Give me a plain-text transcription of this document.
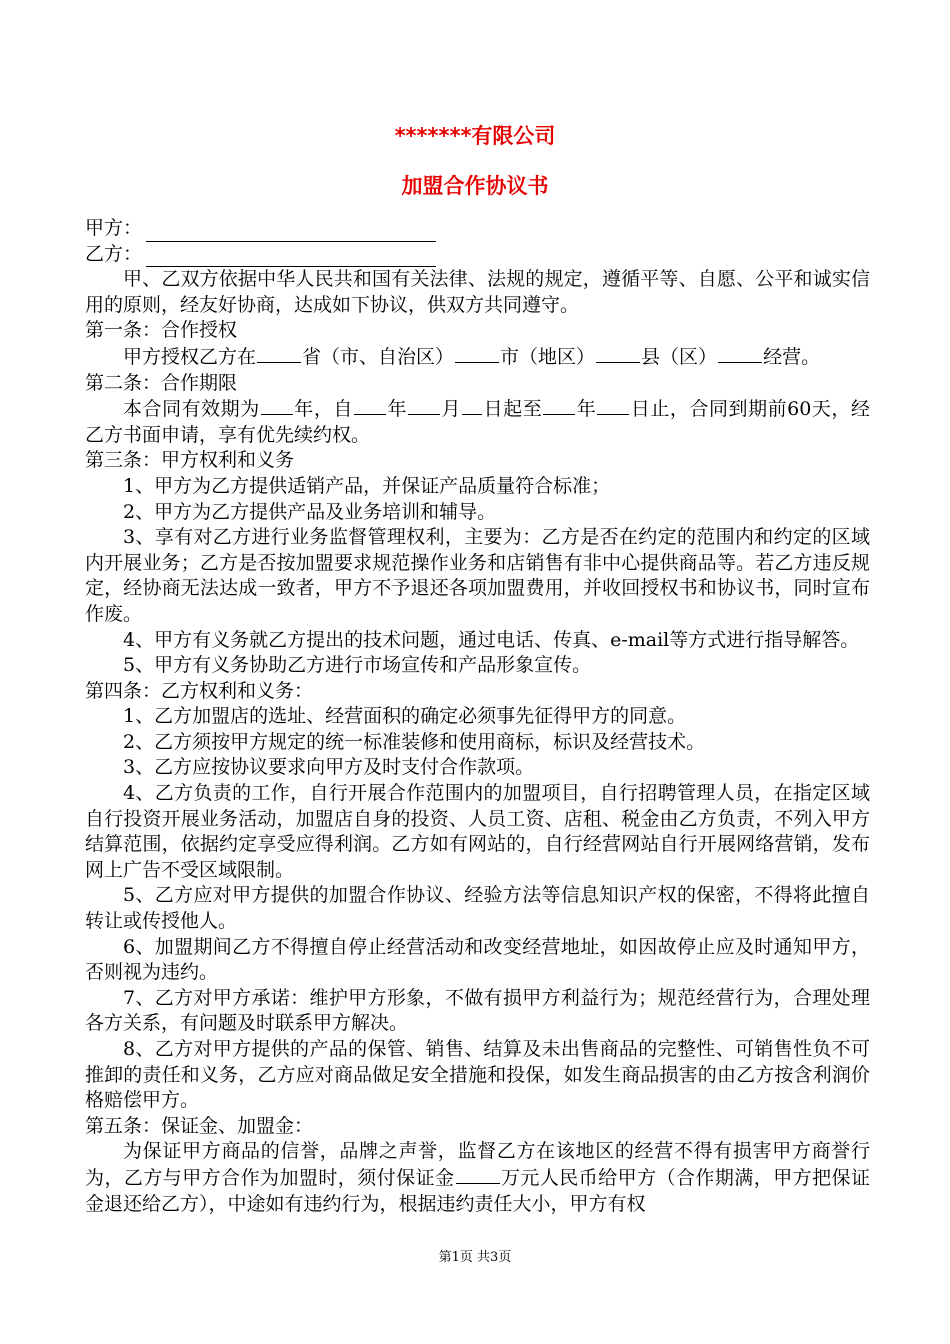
*******有限公司
加盟合作协议书
甲方：
乙方：

甲、乙双方依据中华人民共和国有关法律、法规的规定，遵循平等、自愿、公平和诚实信用的原则，经友好协商，达成如下协议，供双方共同遵守。

第一条：合作授权

甲方授权乙方在 省（市、自治区） 市（地区） 县（区） 经营。

第二条：合作期限

本合同有效期为 年，自 年 月 日起至 年 日止，合同到期前60天，经乙方书面申请，享有优先续约权。

第三条：甲方权利和义务

1、甲方为乙方提供适销产品，并保证产品质量符合标准；

2、甲方为乙方提供产品及业务培训和辅导。

3、享有对乙方进行业务监督管理权利，主要为：乙方是否在约定的范围内和约定的区域内开展业务；乙方是否按加盟要求规范操作业务和店销售有非中心提供商品等。若乙方违反规定，经协商无法达成一致者，甲方不予退还各项加盟费用，并收回授权书和协议书，同时宣布作废。

4、甲方有义务就乙方提出的技术问题，通过电话、传真、e-mail等方式进行指导解答。

5、甲方有义务协助乙方进行市场宣传和产品形象宣传。

第四条：乙方权利和义务：

1、乙方加盟店的选址、经营面积的确定必须事先征得甲方的同意。

2、乙方须按甲方规定的统一标准装修和使用商标，标识及经营技术。

3、乙方应按协议要求向甲方及时支付合作款项。

4、乙方负责的工作，自行开展合作范围内的加盟项目，自行招聘管理人员，在指定区域自行投资开展业务活动，加盟店自身的投资、人员工资、店租、税金由乙方负责，不列入甲方结算范围，依据约定享受应得利润。乙方如有网站的，自行经营网站自行开展网络营销，发布网上广告不受区域限制。

5、乙方应对甲方提供的加盟合作协议、经验方法等信息知识产权的保密，不得将此擅自转让或传授他人。

6、加盟期间乙方不得擅自停止经营活动和改变经营地址，如因故停止应及时通知甲方，否则视为违约。

7、乙方对甲方承诺：维护甲方形象，不做有损甲方利益行为；规范经营行为，合理处理各方关系，有问题及时联系甲方解决。

8、乙方对甲方提供的产品的保管、销售、结算及未出售商品的完整性、可销售性负不可推卸的责任和义务，乙方应对商品做足安全措施和投保，如发生商品损害的由乙方按含利润价格赔偿甲方。

第五条：保证金、加盟金：

为保证甲方商品的信誉，品牌之声誉，监督乙方在该地区的经营不得有损害甲方商誉行为，乙方与甲方合作为加盟时，须付保证金 万元人民币给甲方（合作期满，甲方把保证金退还给乙方），中途如有违约行为，根据违约责任大小，甲方有权

第1页 共3页
